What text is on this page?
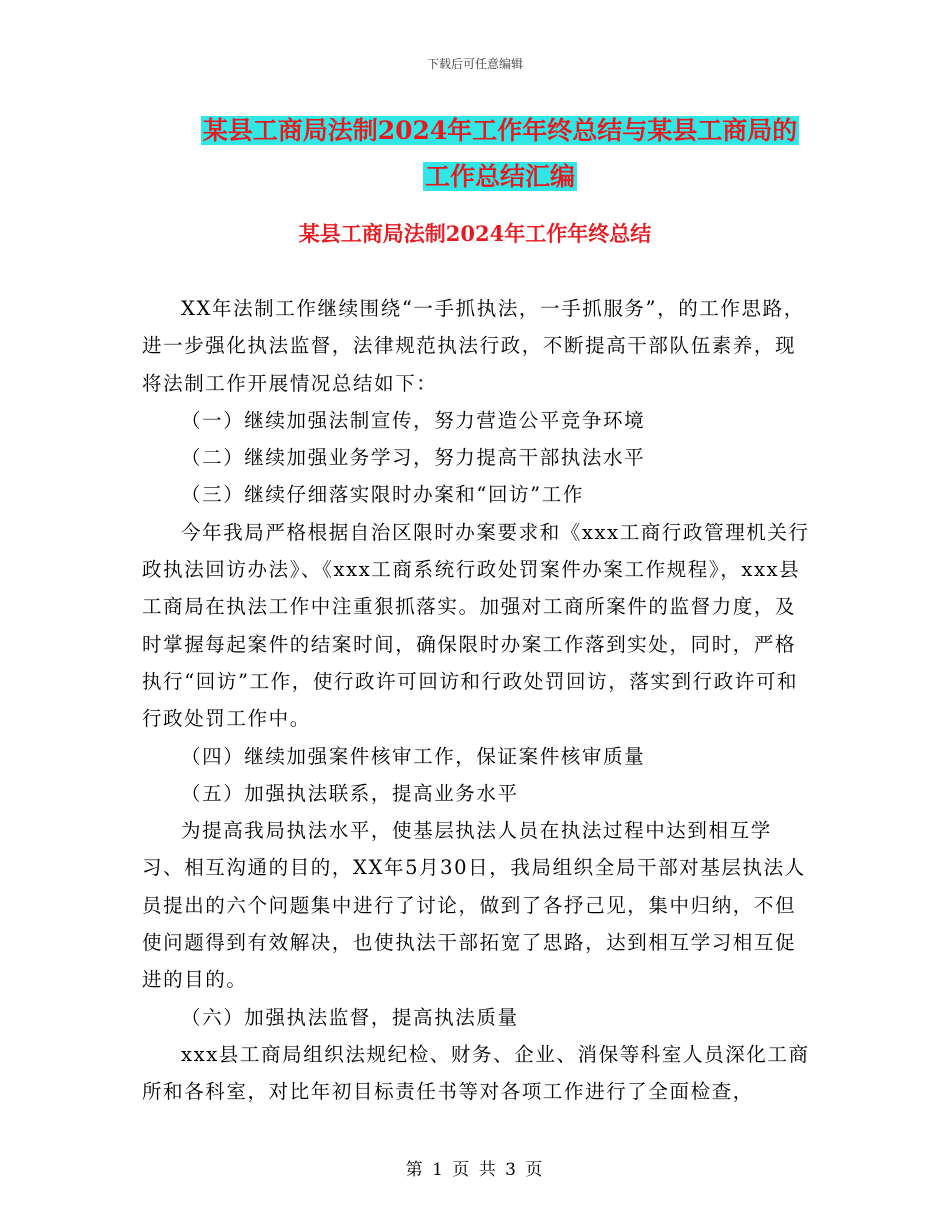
下载后可任意编辑
某县工商局法制2024年工作年终总结与某县工商局的
工作总结汇编
某县工商局法制2024年工作年终总结

XX年法制工作继续围绕“一手抓执法，一手抓服务”，的工作思路，进一步强化执法监督，法律规范执法行政，不断提高干部队伍素养，现将法制工作开展情况总结如下：

（一）继续加强法制宣传，努力营造公平竞争环境

（二）继续加强业务学习，努力提高干部执法水平

（三）继续仔细落实限时办案和“回访”工作

今年我局严格根据自治区限时办案要求和《xxx工商行政管理机关行政执法回访办法》、《xxx工商系统行政处罚案件办案工作规程》，xxx县工商局在执法工作中注重狠抓落实。加强对工商所案件的监督力度，及时掌握每起案件的结案时间，确保限时办案工作落到实处，同时，严格执行“回访”工作，使行政许可回访和行政处罚回访，落实到行政许可和行政处罚工作中。

（四）继续加强案件核审工作，保证案件核审质量

（五）加强执法联系，提高业务水平

为提高我局执法水平，使基层执法人员在执法过程中达到相互学习、相互沟通的目的，XX年5月30日，我局组织全局干部对基层执法人员提出的六个问题集中进行了讨论，做到了各抒己见，集中归纳，不但使问题得到有效解决，也使执法干部拓宽了思路，达到相互学习相互促进的目的。

（六）加强执法监督，提高执法质量

xxx县工商局组织法规纪检、财务、企业、消保等科室人员深化工商所和各科室，对比年初目标责任书等对各项工作进行了全面检查，

第 1 页 共 3 页
